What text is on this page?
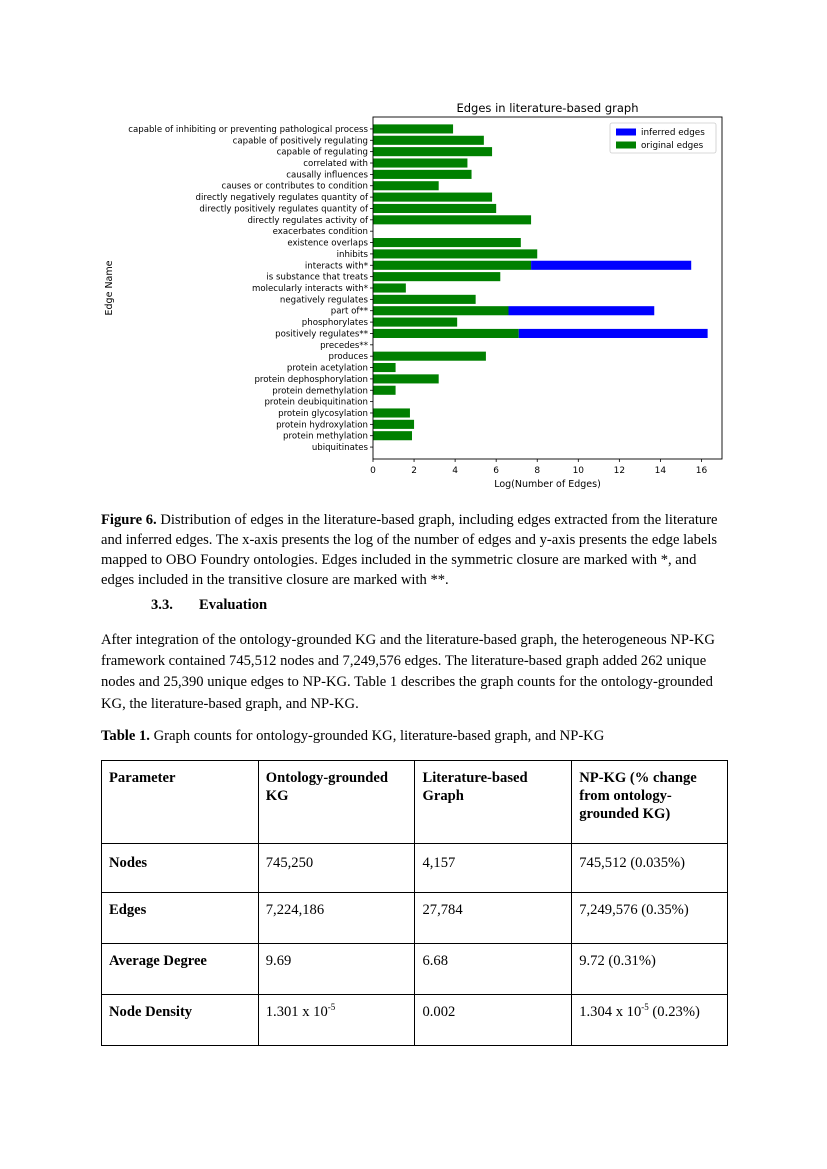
Edges in literature-based graph
capable of inhibiting or preventing pathological process
capable of positively regulating
capable of regulating
correlated with
causally influences
causes or contributes to condition
directly negatively regulates quantity of
directly positively regulates quantity of
directly regulates activity of
exacerbates condition
existence overlaps
inhibits
interacts with*
is substance that treats
molecularly interacts with*
negatively regulates
part of**
phosphorylates
positively regulates**
precedes**
produces
protein acetylation
protein dephosphorylation
protein demethylation
protein deubiquitination
protein glycosylation
protein hydroxylation
protein methylation
ubiquitinates
0	2	4	6	8	10	12	14	16
Log(Number of Edges)
Edge Name
inferred edges
original edges

Figure 6. Distribution of edges in the literature-based graph, including edges extracted from the literature and inferred edges. The x-axis presents the log of the number of edges and y-axis presents the edge labels mapped to OBO Foundry ontologies. Edges included in the symmetric closure are marked with *, and edges included in the transitive closure are marked with **.

3.3. Evaluation

After integration of the ontology-grounded KG and the literature-based graph, the heterogeneous NP-KG framework contained 745,512 nodes and 7,249,576 edges. The literature-based graph added 262 unique nodes and 25,390 unique edges to NP-KG. Table 1 describes the graph counts for the ontology-grounded KG, the literature-based graph, and NP-KG.

Table 1. Graph counts for ontology-grounded KG, literature-based graph, and NP-KG

Parameter	Ontology-grounded KG	Literature-based Graph	NP-KG (% change from ontology-grounded KG)
Nodes	745,250	4,157	745,512 (0.035%)
Edges	7,224,186	27,784	7,249,576 (0.35%)
Average Degree	9.69	6.68	9.72 (0.31%)
Node Density	1.301 x $10^{-5}$	0.002	1.304 x $10^{-5}$ (0.23%)
